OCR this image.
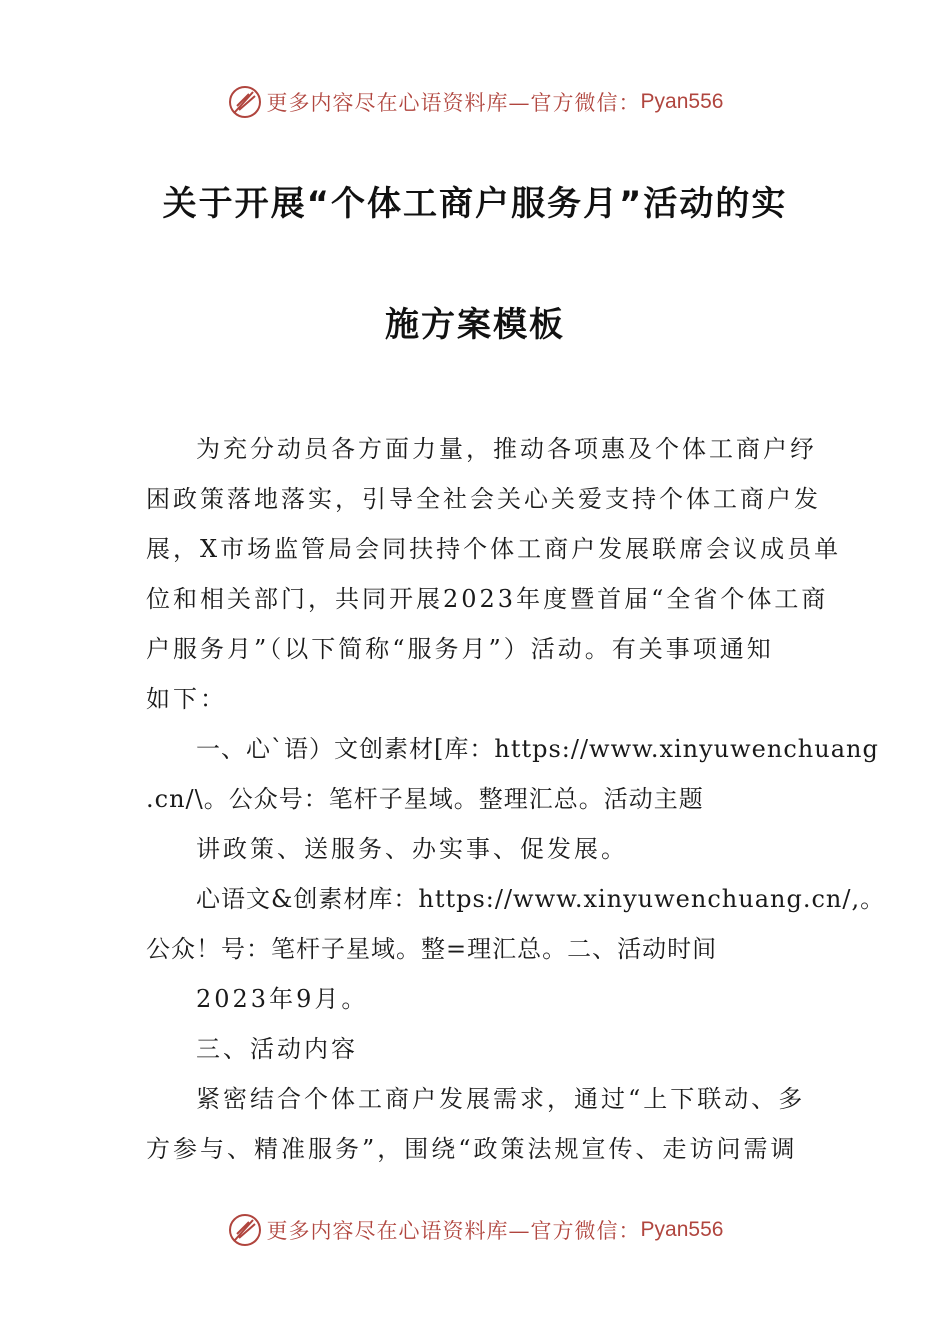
更多内容尽在心语资料库—官方微信： Pyan556
关于开展“个体工商户服务月”活动的实
施方案模板
为充分动员各方面力量，推动各项惠及个体工商户纾
困政策落地落实，引导全社会关心关爱支持个体工商户发
展，X市场监管局会同扶持个体工商户发展联席会议成员单
位和相关部门，共同开展2023年度暨首届“全省个体工商
户服务月”（以下简称“服务月”）活动。有关事项通知
如下：
一、心`语）文创素材[库：https://www.xinyuwenchuang
.cn/\。公众号：笔杆子星域。整理汇总。活动主题
讲政策、送服务、办实事、促发展。
心语文&创素材库：https://www.xinyuwenchuang.cn/,。
公众！号：笔杆子星域。整=理汇总。二、活动时间
2023年9月。
三、活动内容
紧密结合个体工商户发展需求，通过“上下联动、多
方参与、精准服务”，围绕“政策法规宣传、走访问需调
更多内容尽在心语资料库—官方微信： Pyan556
